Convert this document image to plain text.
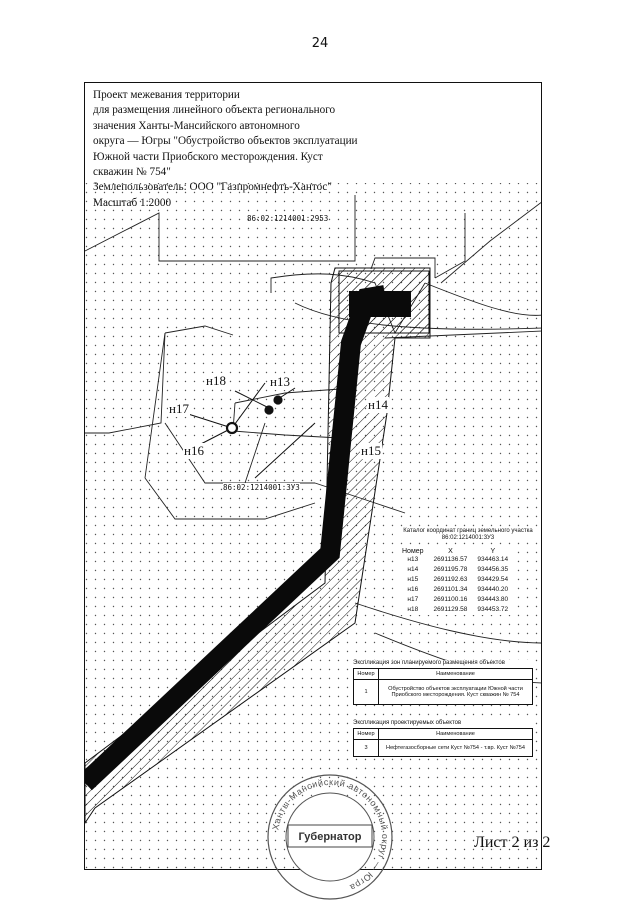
24
Проект межевания территории
для размещения линейного объекта регионального
значения Ханты-Мансийского автономного
округа — Югры "Обустройство объектов эксплуатации
Южной части Приобского месторождения. Куст
скважин № 754"
Землепользователь: ООО "Газпромнефть-Хантос"
Масштаб 1:2000
86:02:1214001:2953
86:02:1214001:ЗУ3
н18	н13
н17
н16
н14
н15
Каталог координат границ земельного участка
86:02:1214001:ЗУ3
Номер	X	Y
н13	2691136.57	934463.14
н14	2691195.78	934456.35
н15	2691192.63	934429.54
н16	2691101.34	934440.20
н17	2691100.16	934443.80
н18	2691129.58	934453.72
Экспликация зон планируемого размещения объектов
Номер	Наименование
1	Обустройство объектов эксплуатации Южной части Приобского месторождения. Куст скважин № 754
Экспликация проектируемых объектов
Номер	Наименование
3	Нефтегазосборные сети Куст №754 - т.вр. Куст №754
Ханты-Мансийский автономный округ — Югра
Губернатор	Лист 2 из 2
